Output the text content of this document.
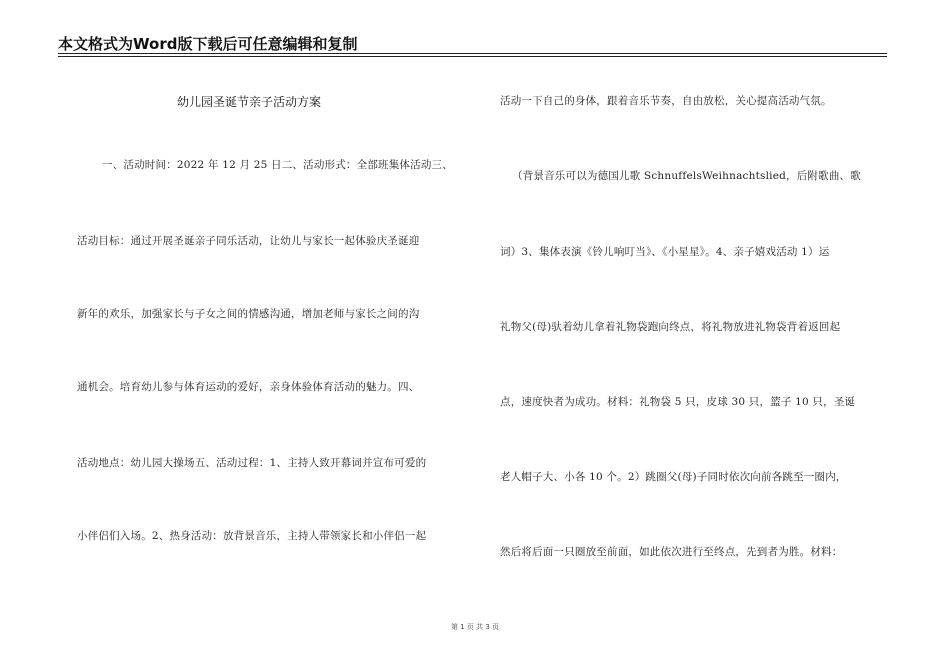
本文格式为Word版下载后可任意编辑和复制
幼儿园圣诞节亲子活动方案
一、活动时间：2022 年 12 月 25 日二、活动形式：全部班集体活动三、
活动目标：通过开展圣诞亲子同乐活动，让幼儿与家长一起体验庆圣诞迎
新年的欢乐，加强家长与子女之间的情感沟通，增加老师与家长之间的沟
通机会。培育幼儿参与体育运动的爱好，亲身体验体育活动的魅力。四、
活动地点：幼儿园大操场五、活动过程：1、主持人致开幕词并宣布可爱的
小伴侣们入场。2、热身活动：放背景音乐，主持人带领家长和小伴侣一起
活动一下自己的身体，跟着音乐节奏，自由放松，关心提高活动气氛。
（背景音乐可以为德国儿歌 SchnuffelsWeihnachtslied，后附歌曲、歌
词）3、集体表演《铃儿响叮当》、《小星星》。4、亲子嬉戏活动 1）运
礼物父(母)驮着幼儿拿着礼物袋跑向终点，将礼物放进礼物袋背着返回起
点，速度快者为成功。材料：礼物袋 5 只，皮球 30 只，篮子 10 只，圣诞
老人帽子大、小各 10 个。2）跳圈父(母)子同时依次向前各跳至一圈内，
然后将后面一只圈放至前面，如此依次进行至终点，先到者为胜。材料：
第 1 页 共 3 页
